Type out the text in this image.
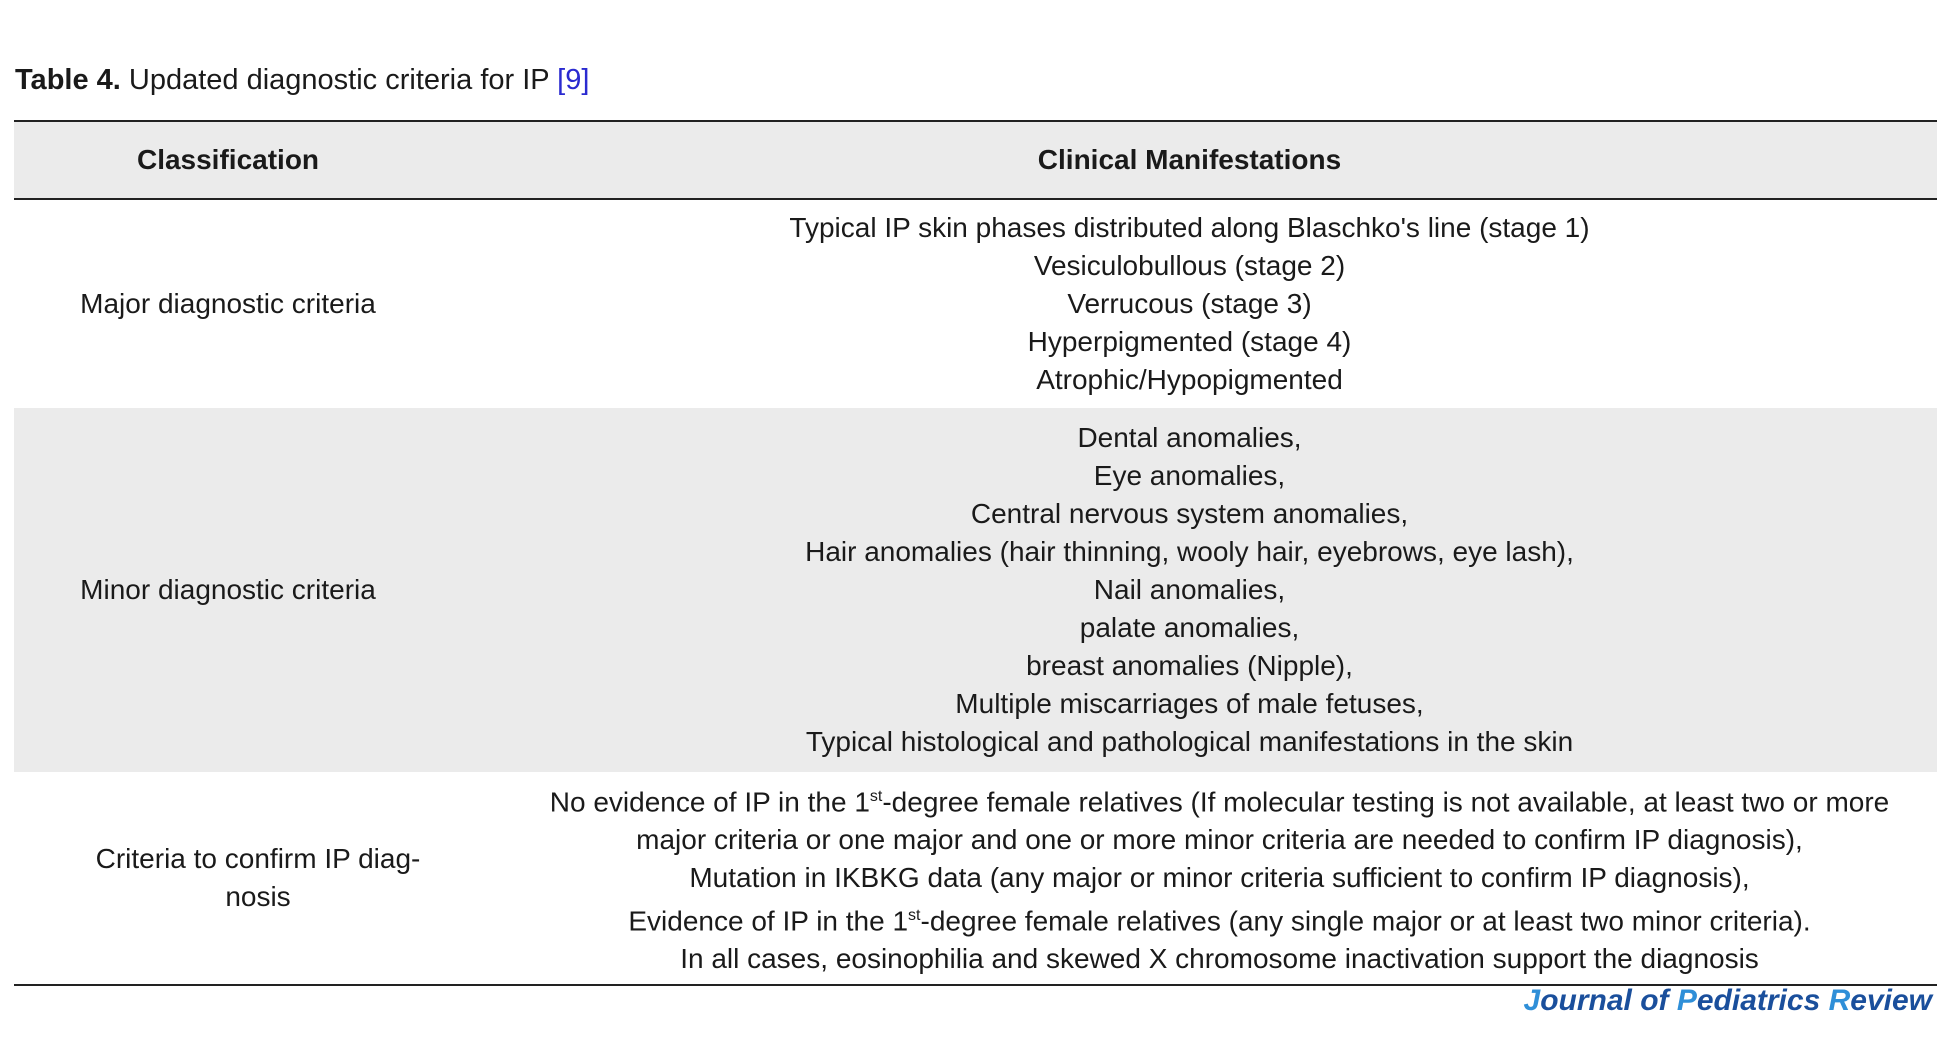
Table 4. Updated diagnostic criteria for IP [9]
Classification	Clinical Manifestations
Major diagnostic criteria
Typical IP skin phases distributed along Blaschko's line (stage 1)
Vesiculobullous (stage 2)
Verrucous (stage 3)
Hyperpigmented (stage 4)
Atrophic/Hypopigmented
Minor diagnostic criteria
Dental anomalies,
Eye anomalies,
Central nervous system anomalies,
Hair anomalies (hair thinning, wooly hair, eyebrows, eye lash),
Nail anomalies,
palate anomalies,
breast anomalies (Nipple),
Multiple miscarriages of male fetuses,
Typical histological and pathological manifestations in the skin
Criteria to confirm IP diag-
nosis
No evidence of IP in the 1st-degree female relatives (If molecular testing is not available, at least two or more
major criteria or one major and one or more minor criteria are needed to confirm IP diagnosis),
Mutation in IKBKG data (any major or minor criteria sufficient to confirm IP diagnosis),
Evidence of IP in the 1st-degree female relatives (any single major or at least two minor criteria).
In all cases, eosinophilia and skewed X chromosome inactivation support the diagnosis
Journal of Pediatrics Review
